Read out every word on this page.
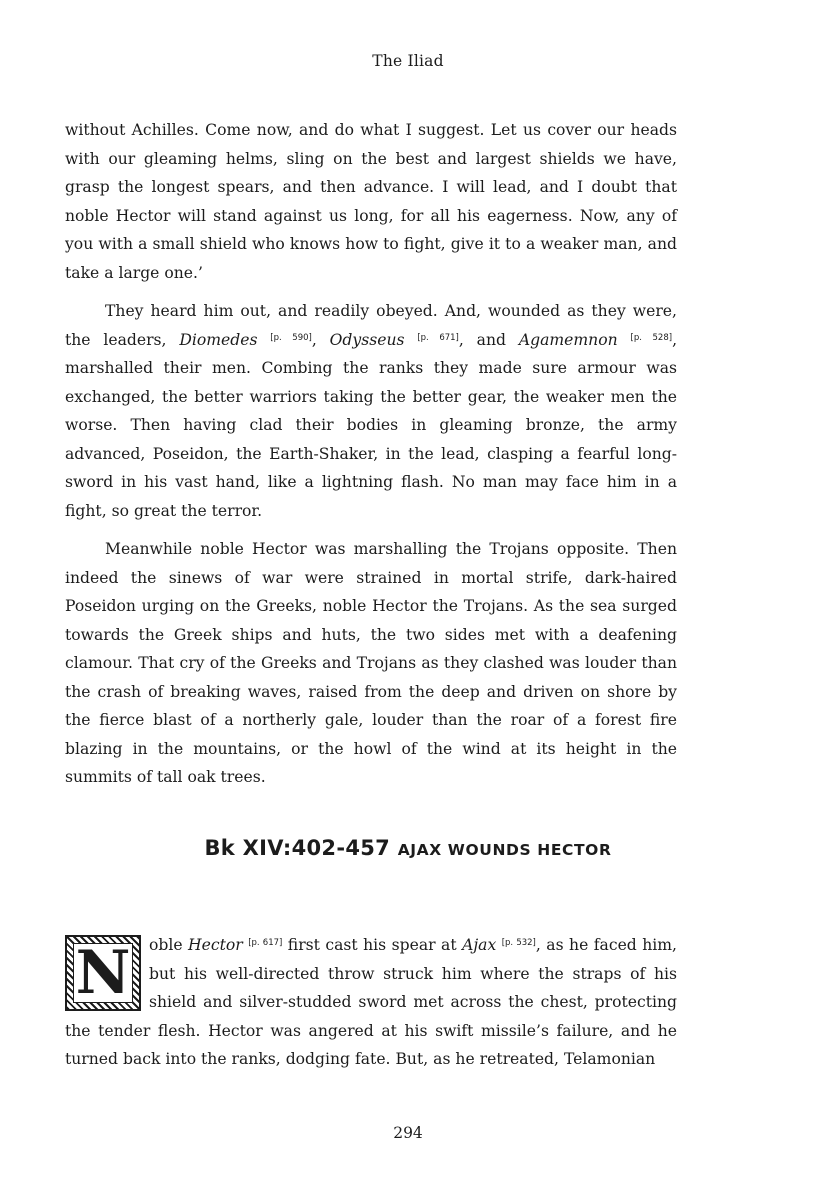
The Iliad

without Achilles. Come now, and do what I suggest. Let us cover our heads with our gleaming helms, sling on the best and largest shields we have, grasp the longest spears, and then advance. I will lead, and I doubt that noble Hector will stand against us long, for all his eagerness. Now, any of you with a small shield who knows how to fight, give it to a weaker man, and take a large one.’

They heard him out, and readily obeyed. And, wounded as they were, the leaders, Diomedes [p. 590], Odysseus [p. 671], and Agamemnon [p. 528], marshalled their men. Combing the ranks they made sure armour was exchanged, the better warriors taking the better gear, the weaker men the worse. Then having clad their bodies in gleaming bronze, the army advanced, Poseidon, the Earth-Shaker, in the lead, clasping a fearful long-sword in his vast hand, like a lightning flash. No man may face him in a fight, so great the terror.

Meanwhile noble Hector was marshalling the Trojans opposite. Then indeed the sinews of war were strained in mortal strife, dark-haired Poseidon urging on the Greeks, noble Hector the Trojans. As the sea surged towards the Greek ships and huts, the two sides met with a deafening clamour. That cry of the Greeks and Trojans as they clashed was louder than the crash of breaking waves, raised from the deep and driven on shore by the fierce blast of a northerly gale, louder than the roar of a forest fire blazing in the mountains, or the howl of the wind at its height in the summits of tall oak trees.

Bk XIV:402-457 AJAX WOUNDS HECTOR

N oble Hector [p. 617] first cast his spear at Ajax [p. 532], as he faced him, but his well-directed throw struck him where the straps of his shield and silver-studded sword met across the chest, protecting the tender flesh. Hector was angered at his swift missile’s failure, and he turned back into the ranks, dodging fate. But, as he retreated, Telamonian

294
